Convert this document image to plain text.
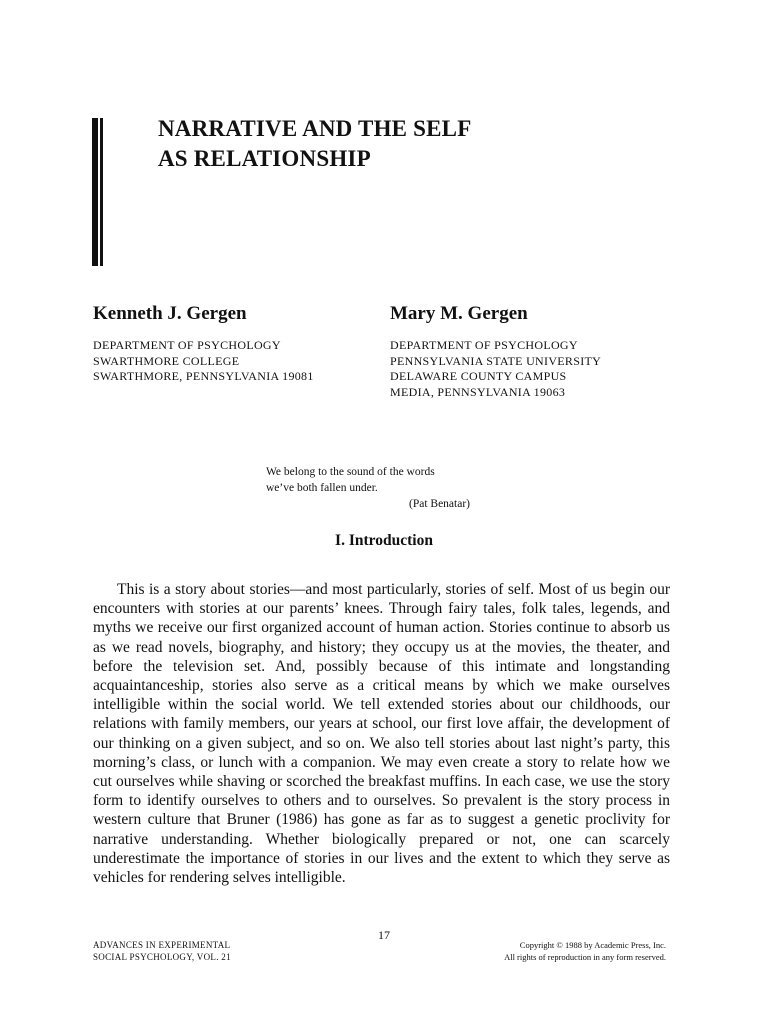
NARRATIVE AND THE SELF
AS RELATIONSHIP
Kenneth J. Gergen
DEPARTMENT OF PSYCHOLOGY
SWARTHMORE COLLEGE
SWARTHMORE, PENNSYLVANIA 19081
Mary M. Gergen
DEPARTMENT OF PSYCHOLOGY
PENNSYLVANIA STATE UNIVERSITY
DELAWARE COUNTY CAMPUS
MEDIA, PENNSYLVANIA 19063
We belong to the sound of the words
we’ve both fallen under.
(Pat Benatar)
I. Introduction

This is a story about stories—and most particularly, stories of self. Most of us begin our encounters with stories at our parents’ knees. Through fairy tales, folk tales, legends, and myths we receive our first organized account of human action. Stories continue to absorb us as we read novels, biography, and history; they occupy us at the movies, the theater, and before the television set. And, possibly because of this intimate and longstanding acquaintanceship, stories also serve as a critical means by which we make ourselves intelligible within the social world. We tell extended stories about our childhoods, our relations with family members, our years at school, our first love affair, the development of our thinking on a given subject, and so on. We also tell stories about last night’s party, this morning’s class, or lunch with a companion. We may even create a story to relate how we cut ourselves while shaving or scorched the breakfast muffins. In each case, we use the story form to identify ourselves to others and to ourselves. So prevalent is the story process in western culture that Bruner (1986) has gone as far as to suggest a genetic proclivity for narrative understanding. Whether biologically prepared or not, one can scarcely underestimate the importance of stories in our lives and the extent to which they serve as vehicles for rendering selves intelligible.

17
ADVANCES IN EXPERIMENTAL
SOCIAL PSYCHOLOGY, VOL. 21
Copyright © 1988 by Academic Press, Inc.
All rights of reproduction in any form reserved.
